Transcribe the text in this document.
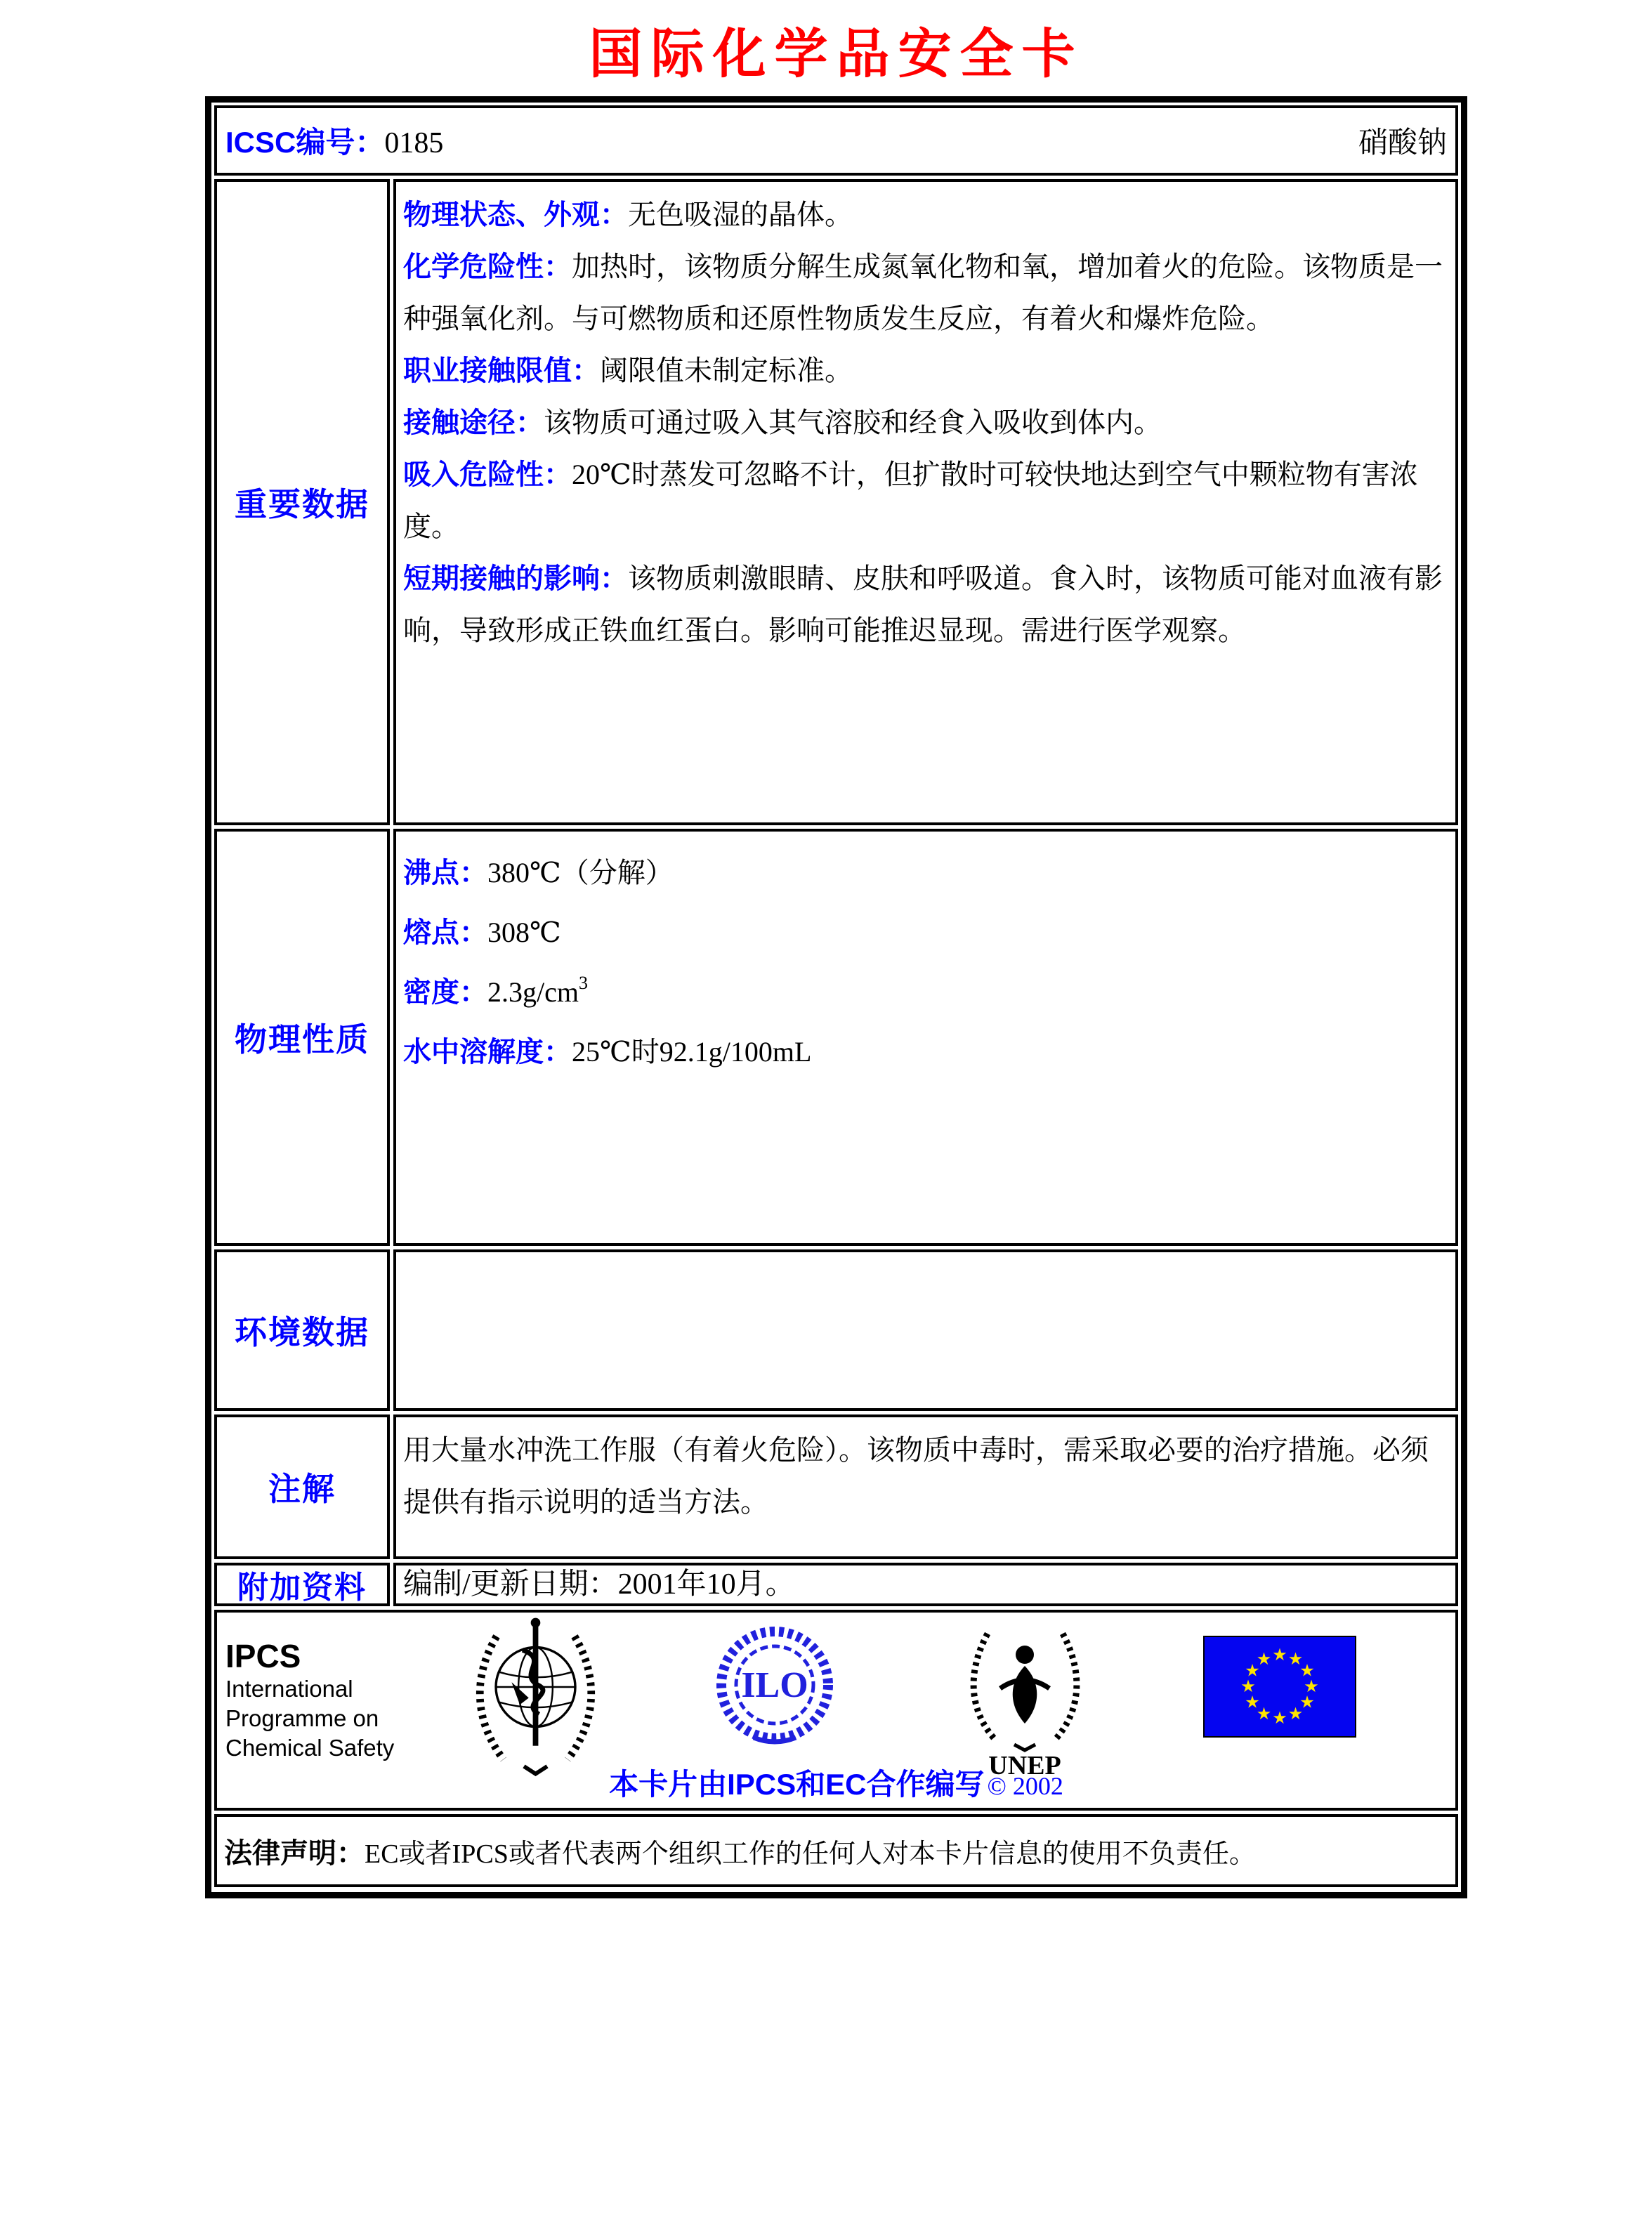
国际化学品安全卡
ICSC编号：0185	硝酸钠
重要数据

物理状态、外观：无色吸湿的晶体。

化学危险性：加热时，该物质分解生成氮氧化物和氧，增加着火的危险。该物质是一种强氧化剂。与可燃物质和还原性物质发生反应，有着火和爆炸危险。

职业接触限值：阈限值未制定标准。

接触途径：该物质可通过吸入其气溶胶和经食入吸收到体内。

吸入危险性：20℃时蒸发可忽略不计，但扩散时可较快地达到空气中颗粒物有害浓度。

短期接触的影响：该物质刺激眼睛、皮肤和呼吸道。食入时，该物质可能对血液有影响，导致形成正铁血红蛋白。影响可能推迟显现。需进行医学观察。

物理性质

沸点：380℃（分解）

熔点：308℃

密度：$2.3g/cm^3$

水中溶解度：25℃时92.1g/100mL

环境数据
注解

用大量水冲洗工作服（有着火危险）。该物质中毒时，需采取必要的治疗措施。必须提供有指示说明的适当方法。

附加资料 编制/更新日期：2001年10月。

IPCS
International
Programme on
Chemical Safety
ILO
UNEP
★ ★
★
★
★
★
★
★
★
★
★
★
本卡片由IPCS和EC合作编写 © 2002

法律声明：EC或者IPCS或者代表两个组织工作的任何人对本卡片信息的使用不负责任。
